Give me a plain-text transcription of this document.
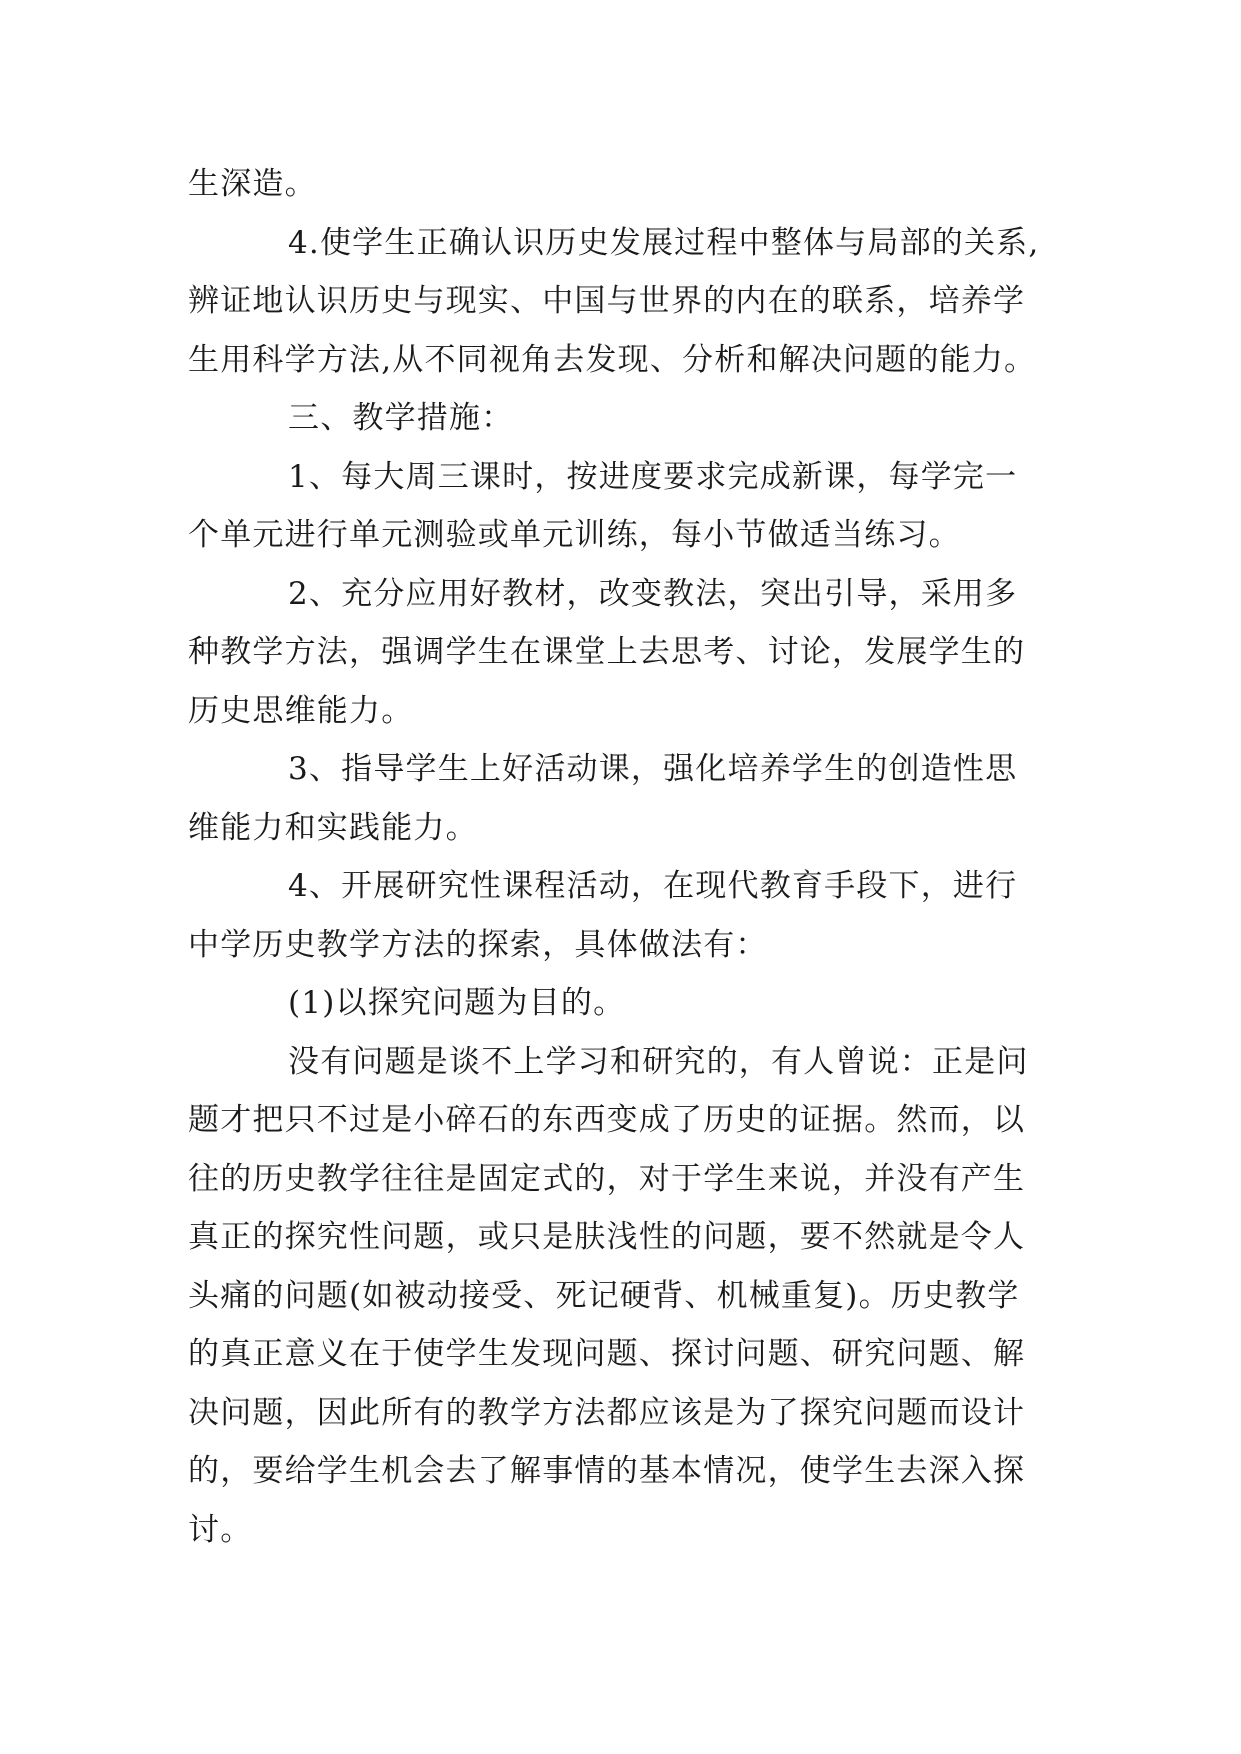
生深造。
4.使学生正确认识历史发展过程中整体与局部的关系,
辨证地认识历史与现实、中国与世界的内在的联系，培养学
生用科学方法,从不同视角去发现、分析和解决问题的能力。
三、教学措施：
1、每大周三课时，按进度要求完成新课，每学完一
个单元进行单元测验或单元训练，每小节做适当练习。
2、充分应用好教材，改变教法，突出引导，采用多
种教学方法，强调学生在课堂上去思考、讨论，发展学生的
历史思维能力。
3、指导学生上好活动课，强化培养学生的创造性思
维能力和实践能力。
4、开展研究性课程活动，在现代教育手段下，进行
中学历史教学方法的探索，具体做法有：
(1)以探究问题为目的。
没有问题是谈不上学习和研究的，有人曾说：正是问
题才把只不过是小碎石的东西变成了历史的证据。然而，以
往的历史教学往往是固定式的，对于学生来说，并没有产生
真正的探究性问题，或只是肤浅性的问题，要不然就是令人
头痛的问题(如被动接受、死记硬背、机械重复)。历史教学
的真正意义在于使学生发现问题、探讨问题、研究问题、解
决问题，因此所有的教学方法都应该是为了探究问题而设计
的，要给学生机会去了解事情的基本情况，使学生去深入探
讨。
